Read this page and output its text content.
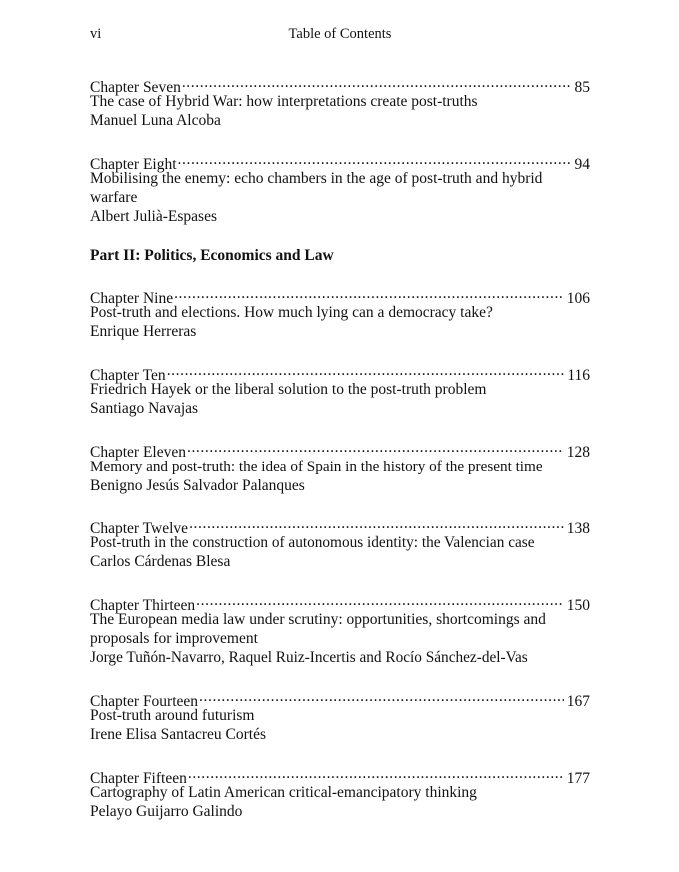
vi	Table of Contents
Chapter Seven .....	85
The case of Hybrid War: how interpretations create post-truths
Manuel Luna Alcoba
Chapter Eight .....	94
Mobilising the enemy: echo chambers in the age of post-truth and hybrid warfare
Albert Julià-Espases
Part II: Politics, Economics and Law
Chapter Nine .....	106
Post-truth and elections. How much lying can a democracy take?
Enrique Herreras
Chapter Ten .....	116
Friedrich Hayek or the liberal solution to the post-truth problem
Santiago Navajas
Chapter Eleven .....	128
Memory and post-truth: the idea of Spain in the history of the present time
Benigno Jesús Salvador Palanques
Chapter Twelve .....	138
Post-truth in the construction of autonomous identity: the Valencian case
Carlos Cárdenas Blesa
Chapter Thirteen .....	150
The European media law under scrutiny: opportunities, shortcomings and proposals for improvement
Jorge Tuñón-Navarro, Raquel Ruiz-Incertis and Rocío Sánchez-del-Vas
Chapter Fourteen .....	167
Post-truth around futurism
Irene Elisa Santacreu Cortés
Chapter Fifteen .....	177
Cartography of Latin American critical-emancipatory thinking
Pelayo Guijarro Galindo
